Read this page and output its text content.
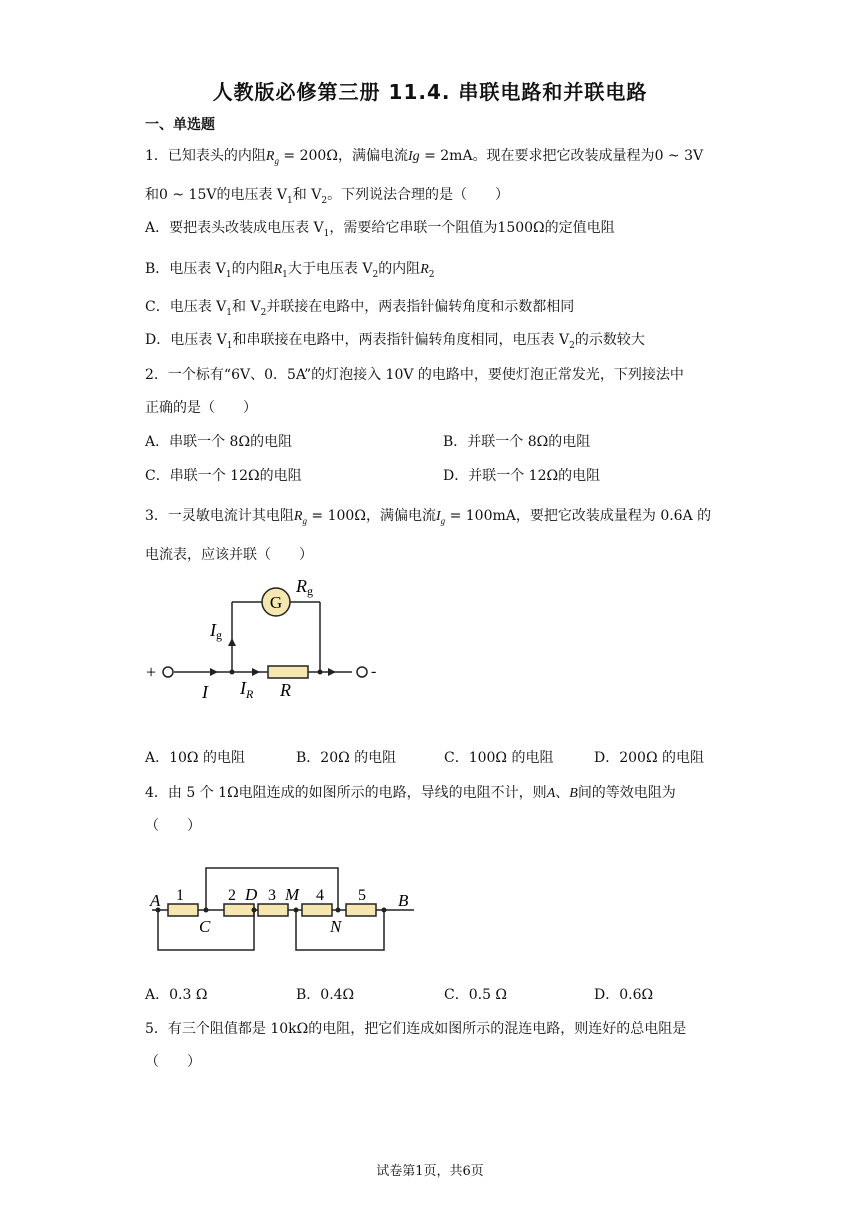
人教版必修第三册 11.4. 串联电路和并联电路
一、单选题
1．已知表头的内阻$R_g = 200\Omega$，满偏电流Ig = 2mA。现在要求把它改装成量程为0 ~ 3V
和0 ~ 15V的电压表 $V_1$和 $V_2$。下列说法合理的是（　　）
A．要把表头改装成电压表 $V_1$，需要给它串联一个阻值为1500Ω的定值电阻
B．电压表 $V_1$的内阻$R_1$大于电压表 $V_2$的内阻$R_2$
C．电压表 $V_1$和 $V_2$并联接在电路中，两表指针偏转角度和示数都相同
D．电压表 $V_1$和串联接在电路中，两表指针偏转角度相同，电压表 $V_2$的示数较大
2．一个标有“6V、0．5A”的灯泡接入 10V 的电路中，要使灯泡正常发光，下列接法中
正确的是（　　）
A．串联一个 8Ω的电阻	B．并联一个 8Ω的电阻
C．串联一个 12Ω的电阻	D．并联一个 12Ω的电阻
3．一灵敏电流计其电阻$R_g = 100\Omega$，满偏电流$I_g = 100mA$，要把它改装成量程为 0.6A 的
电流表，应该并联（　　）
G
Rg
Ig
I $I_R$ R
+	-
A．10Ω 的电阻	B．20Ω 的电阻	C．100Ω 的电阻	D．200Ω 的电阻
4．由 5 个 1Ω电阻连成的如图所示的电路，导线的电阻不计，则A、B间的等效电阻为
（　　）
A 1	2 D 3 M 4 5 B
C	N
A．0.3 Ω	B．0.4Ω	C．0.5 Ω	D．0.6Ω
5．有三个阻值都是 10kΩ的电阻，把它们连成如图所示的混连电路，则连好的总电阻是
（　　）
试卷第1页，共6页
